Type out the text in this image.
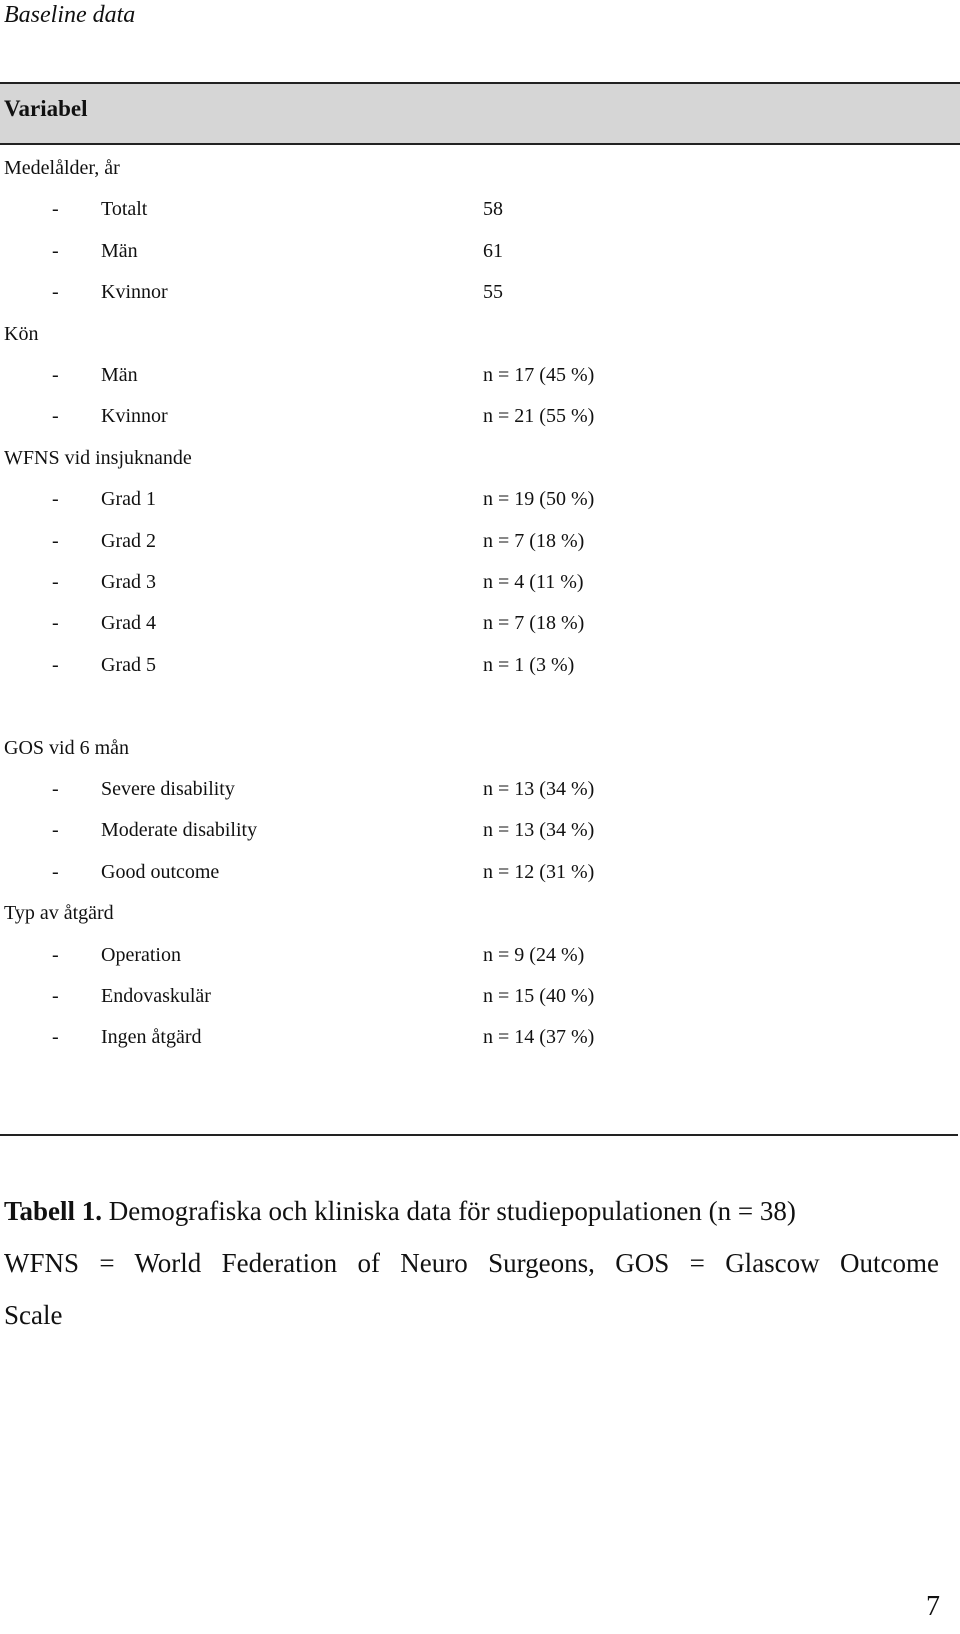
Baseline data
Variabel
Medelålder, år
- Totalt	58
- Män	61
- Kvinnor	55
Kön
- Män	n = 17 (45 %)
- Kvinnor	n = 21 (55 %)
WFNS vid insjuknande
- Grad 1	n = 19 (50 %)
- Grad 2	n = 7 (18 %)
- Grad 3	n = 4 (11 %)
- Grad 4	n = 7 (18 %)
- Grad 5	n = 1 (3 %)
GOS vid 6 mån
- Severe disability	n = 13 (34 %)
- Moderate disability	n = 13 (34 %)
- Good outcome	n = 12 (31 %)
Typ av åtgärd
- Operation	n = 9 (24 %)
- Endovaskulär	n = 15 (40 %)
- Ingen åtgärd	n = 14 (37 %)
Tabell 1. Demografiska och kliniska data för studiepopulationen (n = 38)
WFNS = World Federation of Neuro Surgeons, GOS = Glascow Outcome
Scale
7
